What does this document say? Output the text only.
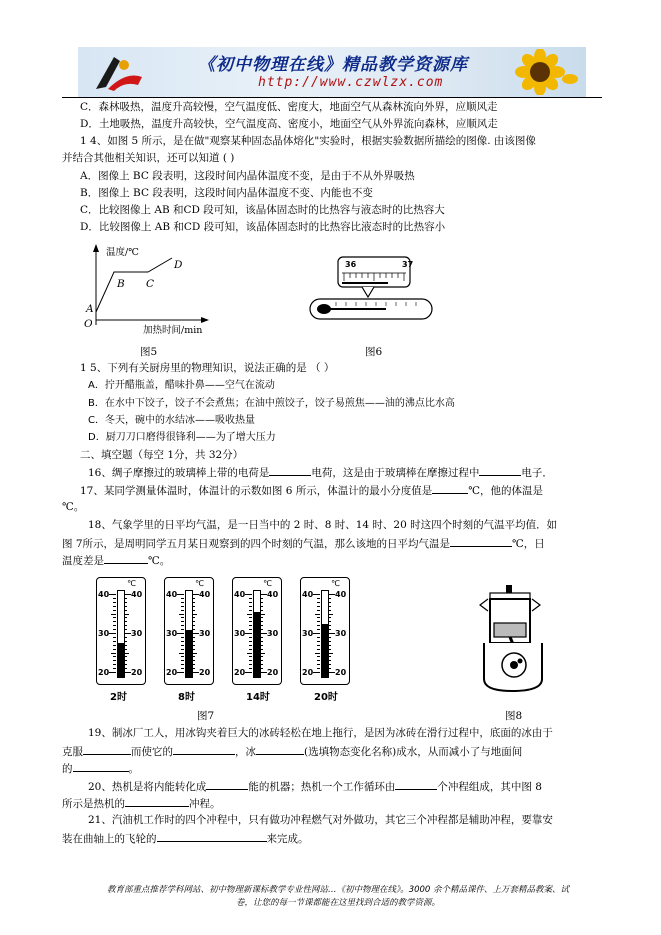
《初中物理在线》精品教学资源库
http://www.czwlzx.com
C．森林吸热，温度升高较慢，空气温度低、密度大，地面空气从森林流向外界，应顺风走
D．土地吸热，温度升高较快，空气温度高、密度小，地面空气从外界流向森林，应顺风走
1 4、如图 5 所示，是在做"观察某种固态晶体熔化"实验时，根据实验数据所描绘的图像. 由该图像
并结合其他相关知识，还可以知道 ( )
A．图像上 BC 段表明，这段时间内晶体温度不变，是由于不从外界吸热
B．图像上 BC 段表明，这段时间内晶体温度不变、内能也不变
C．比较图像上 AB 和CD 段可知，该晶体固态时的比热容与液态时的比热容大
D．比较图像上 AB 和CD 段可知，该晶体固态时的比热容比液态时的比热容小
温度/℃
加热时间/min
O
A
B C
D
图5
36	37
图6
1 5、下列有关厨房里的物理知识，说法正确的是 （ ）
A．拧开醋瓶盖，醋味扑鼻——空气在流动
B．在水中下饺子，饺子不会煮焦；在油中煎饺子，饺子易煎焦——油的沸点比水高
C．冬天，碗中的水结冰——吸收热量
D．厨刀刀口磨得很锋利——为了增大压力
二、填空题（每空 1分，共 32分）
16、绸子摩擦过的玻璃棒上带的电荷是	电荷，这是由于玻璃棒在摩擦过程中	电子．
17、某同学测量体温时，体温计的示数如图 6 所示，体温计的最小分度值是	℃，他的体温是
℃。
18、气象学里的日平均气温，是一日当中的 2 时、8 时、14 时、20 时这四个时刻的气温平均值．如
图 7所示，是周明同学五月某日观察到的四个时刻的气温，那么该地的日平均气温是	℃，日
温度差是	℃。
℃
40	40
30	30
20	20
2时
℃
40	40
30	30
20	20
8时
℃
40	40
30	30
20	20
14时
℃
40	40
30	30
20	20
20时
图7	图8
19、制冰厂工人，用冰钩夹着巨大的冰砖轻松在地上拖行，是因为冰砖在滑行过程中，底面的冰由于
克服	而使它的	，冰	(选填物态变化名称)成水，从而减小了与地面间
的	。
20、热机是将内能转化成	能的机器；热机一个工作循环由	个冲程组成，其中图 8
所示是热机的	冲程。
21、汽油机工作时的四个冲程中，只有做功冲程燃气对外做功，其它三个冲程都是辅助冲程，要靠安
装在曲轴上的飞轮的	来完成。
教育部重点推荐学科网站、初中物理新课标教学专业性网站…《初中物理在线》。3000 余个精品课件、上万套精品教案、试
卷，让您的每一节课都能在这里找到合适的教学资源。
